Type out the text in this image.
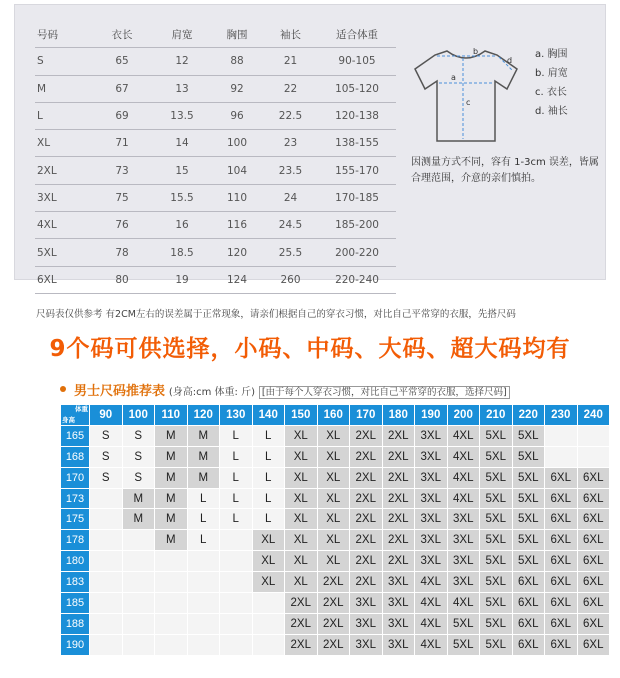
号码	衣长	肩宽	胸围	袖长	适合体重
S	65	12	88	21	90-105
M	67	13	92	22	105-120
L	69	13.5	96	22.5	120-138
XL	71	14	100	23	138-155
2XL	73	15	104	23.5	155-170
3XL	75	15.5	110	24	170-185
4XL	76	16	116	24.5	185-200
5XL	78	18.5	120	25.5	200-220
6XL	80	19	124	260	220-240
a
b
c
d
a. 胸围
b. 肩宽
c. 衣长
d. 袖长
因测量方式不同，容有 1-3cm 误差，皆属合理范围，介意的亲们慎拍。
尺码表仅供参考 有2CM左右的误差属于正常现象，请亲们根据自己的穿衣习惯，对比自己平常穿的衣服，先搭尺码
9个码可供选择，小码、中码、大码、超大码均有
男士尺码推荐表 (身高:cm 体重: 斤) [由于每个人穿衣习惯，对比自己平常穿的衣服，选择尺码]
体重
身高	90	100	110	120	130	140	150	160	170	180	190	200	210	220	230	240
165	S	S	M	M	L	L	XL	XL	2XL	2XL	3XL	4XL	5XL	5XL		
168	S	S	M	M	L	L	XL	XL	2XL	2XL	3XL	4XL	5XL	5XL		
170	S	S	M	M	L	L	XL	XL	2XL	2XL	3XL	4XL	5XL	5XL	6XL	6XL
173		M	M	L	L	L	XL	XL	2XL	2XL	3XL	4XL	5XL	5XL	6XL	6XL
175		M	M	L	L	L	XL	XL	2XL	2XL	3XL	3XL	5XL	5XL	6XL	6XL
178			M	L		XL	XL	XL	2XL	2XL	3XL	3XL	5XL	5XL	6XL	6XL
180						XL	XL	XL	2XL	2XL	3XL	3XL	5XL	5XL	6XL	6XL
183						XL	XL	2XL	2XL	3XL	4XL	3XL	5XL	6XL	6XL	6XL
185							2XL	2XL	3XL	3XL	4XL	4XL	5XL	6XL	6XL	6XL
188							2XL	2XL	3XL	3XL	4XL	5XL	5XL	6XL	6XL	6XL
190							2XL	2XL	3XL	3XL	4XL	5XL	5XL	6XL	6XL	6XL
